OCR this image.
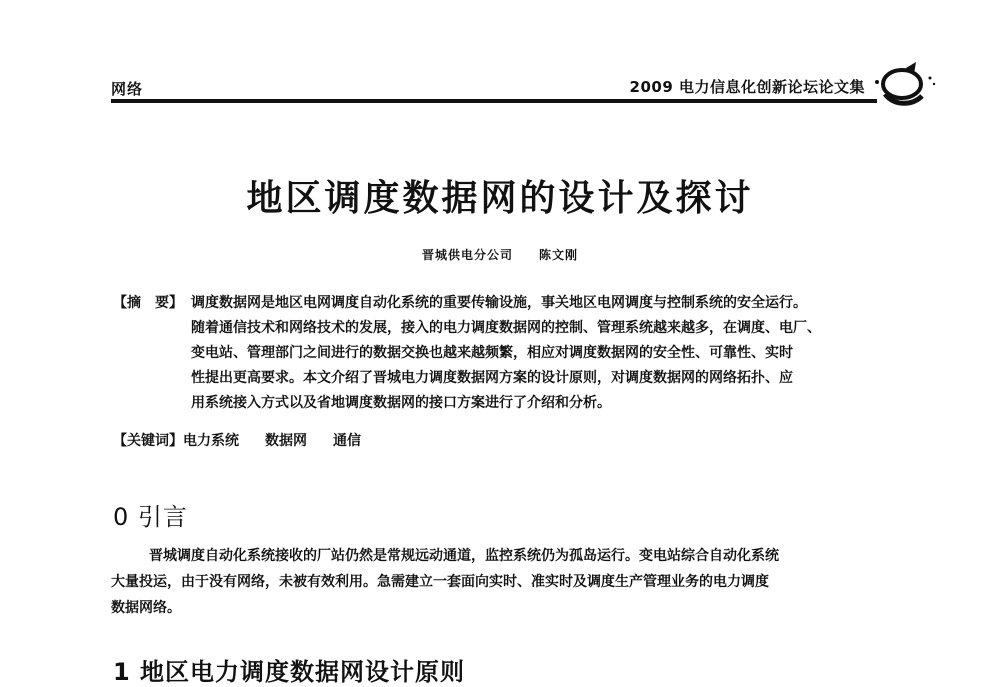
网络	2009 电力信息化创新论坛论文集
地区调度数据网的设计及探讨
晋城供电分公司 陈文刚
【摘　要】 调度数据网是地区电网调度自动化系统的重要传输设施，事关地区电网调度与控制系统的安全运行。
随着通信技术和网络技术的发展，接入的电力调度数据网的控制、管理系统越来越多，在调度、电厂、
变电站、管理部门之间进行的数据交换也越来越频繁，相应对调度数据网的安全性、可靠性、实时
性提出更高要求。本文介绍了晋城电力调度数据网方案的设计原则，对调度数据网的网络拓扑、应
用系统接入方式以及省地调度数据网的接口方案进行了介绍和分析。
【关键词】电力系统 数据网 通信
0 引言
晋城调度自动化系统接收的厂站仍然是常规远动通道，监控系统仍为孤岛运行。变电站综合自动化系统
大量投运，由于没有网络，未被有效利用。急需建立一套面向实时、准实时及调度生产管理业务的电力调度
数据网络。
1 地区电力调度数据网设计原则
